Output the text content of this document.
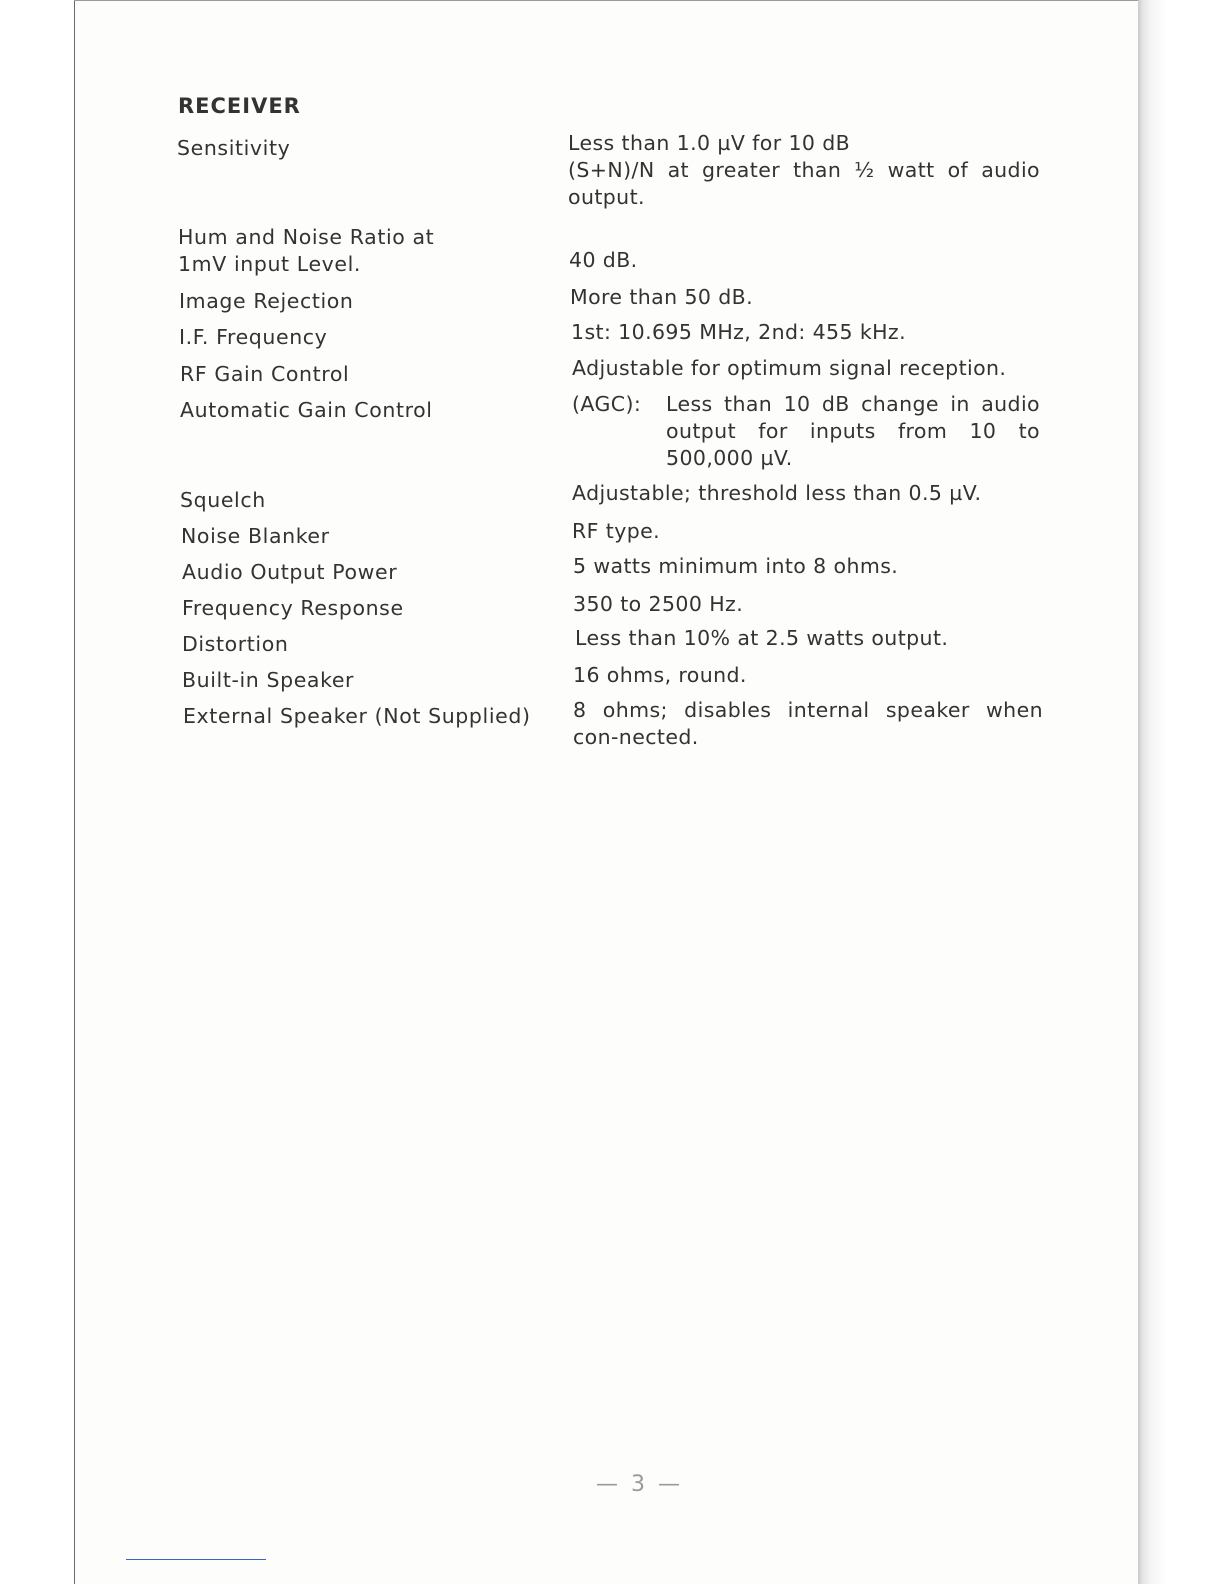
RECEIVER
Sensitivity	Less than 1.0 µV for 10 dB
(S+N)/N at greater than ½ watt of audio output.
Hum and Noise Ratio at
1mV input Level.	40 dB.
Image Rejection	More than 50 dB.
I.F. Frequency	1st: 10.695 MHz, 2nd: 455 kHz.
RF Gain Control	Adjustable for optimum signal reception.
Automatic Gain Control	(AGC): Less than 10 dB change in audio output for inputs from 10 to 500,000 µV.
Squelch	Adjustable; threshold less than 0.5 µV.
Noise Blanker	RF type.
Audio Output Power	5 watts minimum into 8 ohms.
Frequency Response	350 to 2500 Hz.
Distortion	Less than 10% at 2.5 watts output.
Built-in Speaker	16 ohms, round.
External Speaker (Not Supplied) 8 ohms; disables internal speaker when con-nected.
— 3 —
